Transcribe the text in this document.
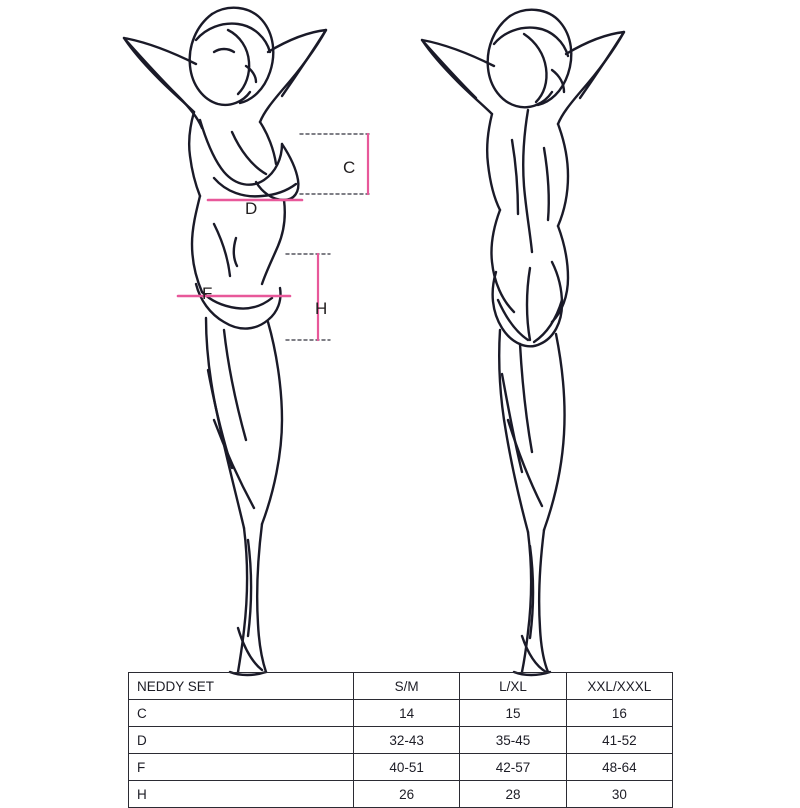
C
D
F
H
NEDDY SET	S/M	L/XL	XXL/XXXL
C	14	15	16
D	32-43	35-45	41-52
F	40-51	42-57	48-64
H	26	28	30
